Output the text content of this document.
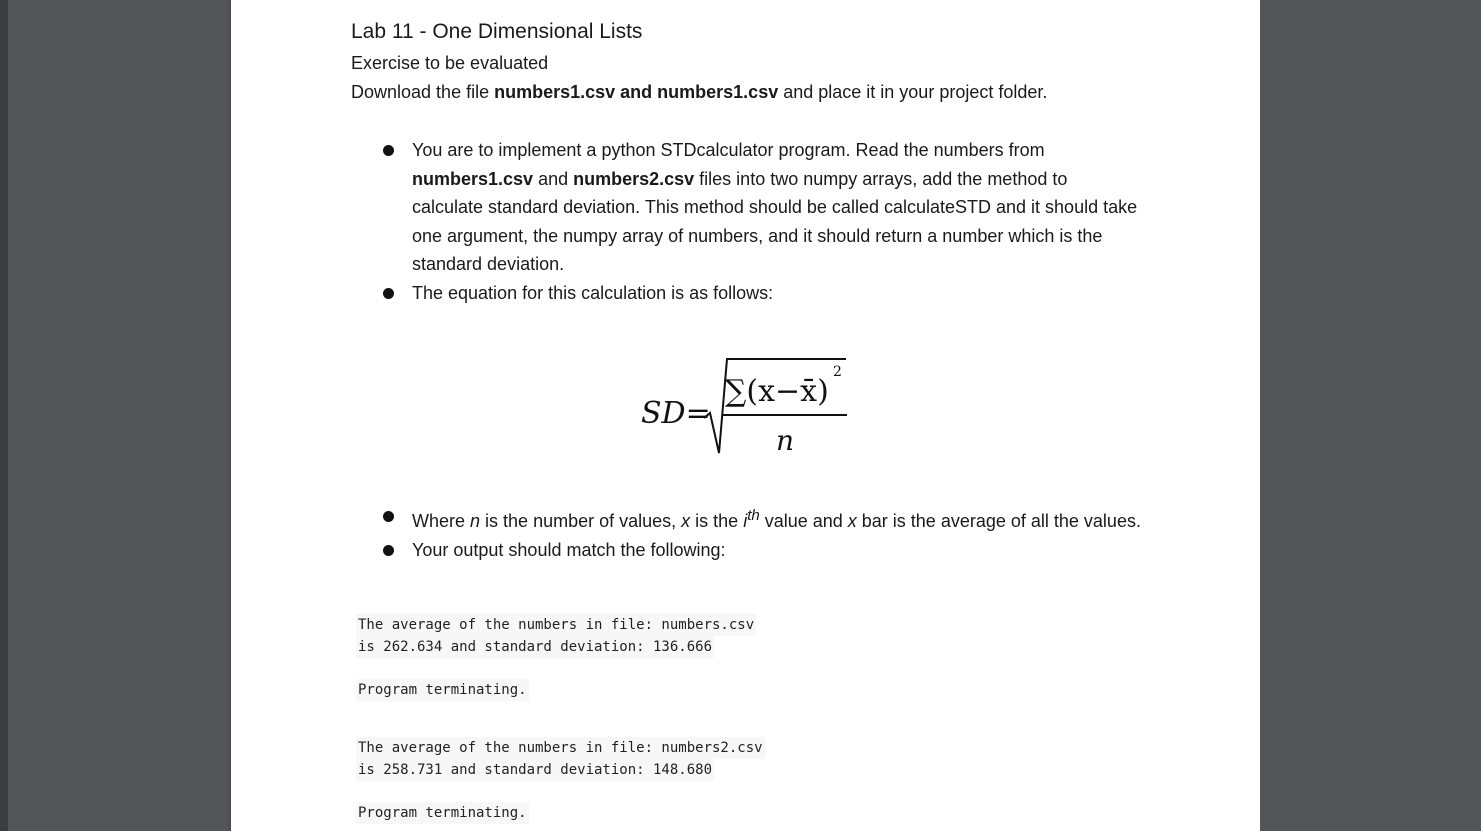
Lab 11 - One Dimensional Lists
Exercise to be evaluated
Download the file numbers1.csv and numbers1.csv and place it in your project folder.
You are to implement a python STDcalculator program. Read the numbers from numbers1.csv and numbers2.csv files into two numpy arrays, add the method to calculate standard deviation. This method should be called calculateSTD and it should take one argument, the numpy array of numbers, and it should return a number which is the standard deviation.
The equation for this calculation is as follows:
SD=
∑(x−x̄)
2
n
Where n is the number of values, x is the $i^{th}$ value and x bar is the average of all the values.
Your output should match the following:
The average of the numbers in file: numbers.csv
is 262.634 and standard deviation: 136.666
Program terminating.
The average of the numbers in file: numbers2.csv
is 258.731 and standard deviation: 148.680
Program terminating.
